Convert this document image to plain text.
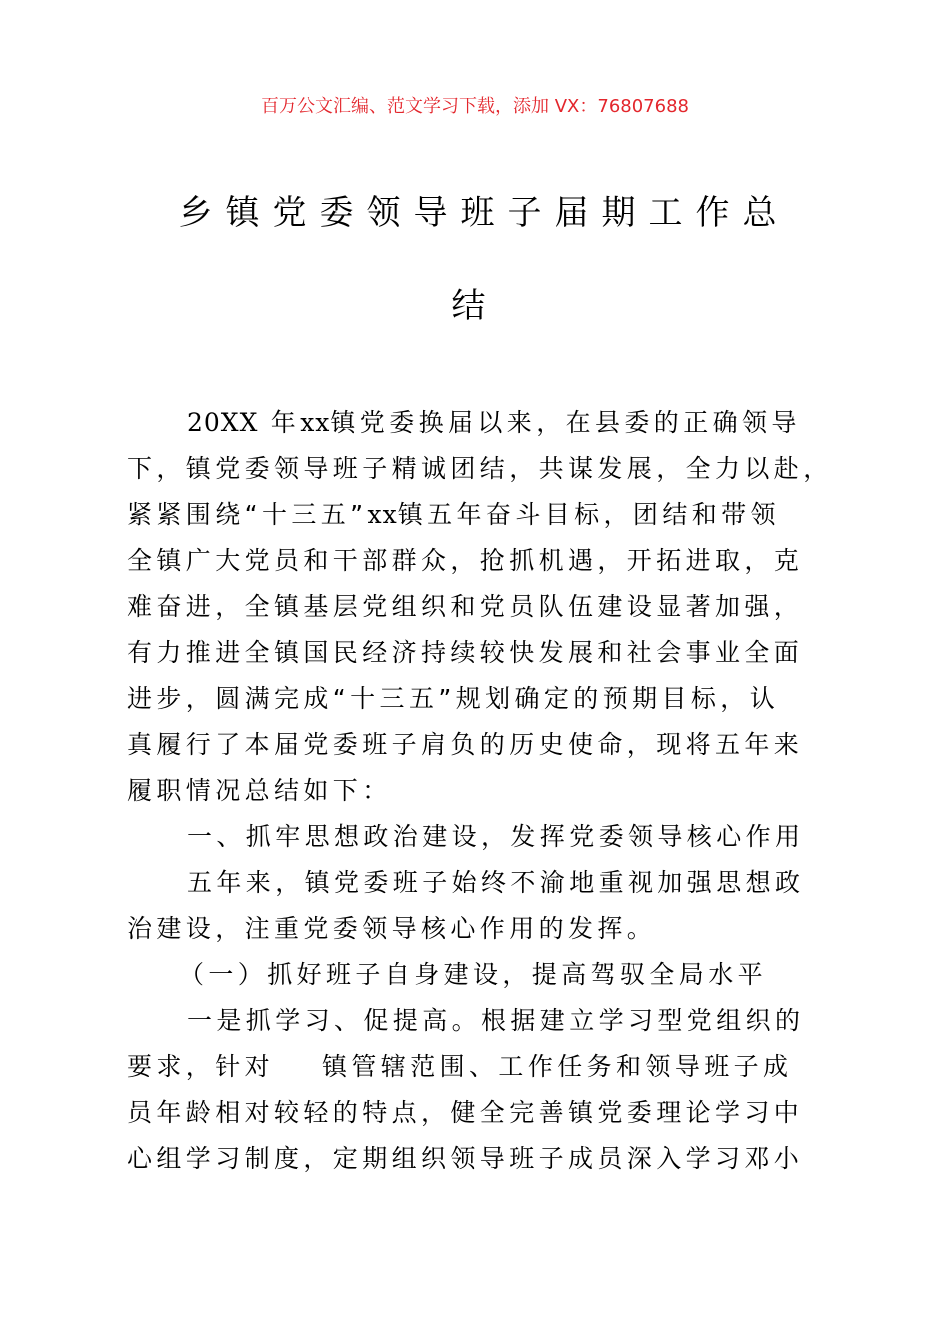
百万公文汇编、范文学习下载，添加 VX：76807688
乡镇党委领导班子届期工作总
结
20XX 年xx镇党委换届以来，在县委的正确领导
下，镇党委领导班子精诚团结，共谋发展，全力以赴，
紧紧围绕“十三五”xx镇五年奋斗目标，团结和带领
全镇广大党员和干部群众，抢抓机遇，开拓进取，克
难奋进，全镇基层党组织和党员队伍建设显著加强，
有力推进全镇国民经济持续较快发展和社会事业全面
进步，圆满完成“十三五”规划确定的预期目标，认
真履行了本届党委班子肩负的历史使命，现将五年来
履职情况总结如下：
一、抓牢思想政治建设，发挥党委领导核心作用
五年来，镇党委班子始终不渝地重视加强思想政
治建设，注重党委领导核心作用的发挥。
（一）抓好班子自身建设，提高驾驭全局水平
一是抓学习、促提高。根据建立学习型党组织的
要求，针对 镇管辖范围、工作任务和领导班子成
员年龄相对较轻的特点，健全完善镇党委理论学习中
心组学习制度，定期组织领导班子成员深入学习邓小
